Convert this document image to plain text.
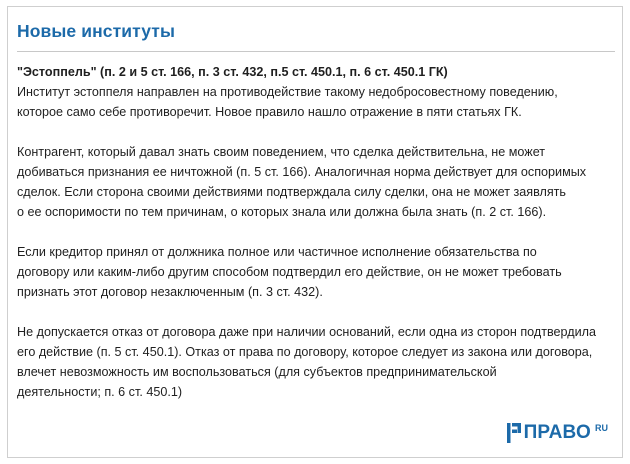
Новые институты
"Эстоппель" (п. 2 и 5 ст. 166, п. 3 ст. 432, п.5 ст. 450.1, п. 6 ст. 450.1 ГК)
Институт эстоппеля направлен на противодействие такому недобросовестному поведению,
которое само себе противоречит. Новое правило нашло отражение в пяти статьях ГК.
Контрагент, который давал знать своим поведением, что сделка действительна, не может
добиваться признания ее ничтожной (п. 5 ст. 166). Аналогичная норма действует для оспоримых
сделок. Если сторона своими действиями подтверждала силу сделки, она не может заявлять
о ее оспоримости по тем причинам, о которых знала или должна была знать (п. 2 ст. 166).
Если кредитор принял от должника полное или частичное исполнение обязательства по
договору или каким-либо другим способом подтвердил его действие, он не может требовать
признать этот договор незаключенным (п. 3 ст. 432).
Не допускается отказ от договора даже при наличии оснований, если одна из сторон подтвердила
его действие (п. 5 ст. 450.1). Отказ от права по договору, которое следует из закона или договора,
влечет невозможность им воспользоваться (для субъектов предпринимательской
деятельности; п. 6 ст. 450.1)
ПРАВО RU
